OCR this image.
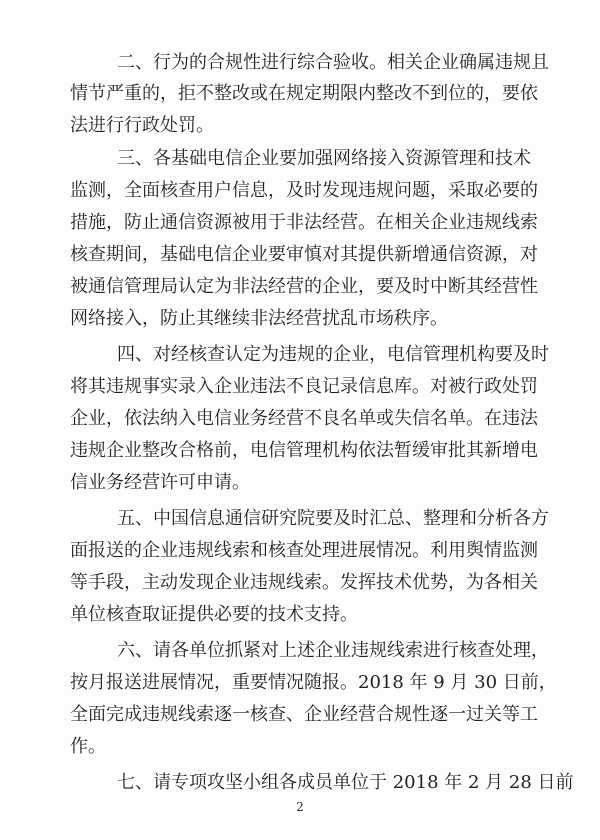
二、行为的合规性进行综合验收。相关企业确属违规且
情节严重的，拒不整改或在规定期限内整改不到位的，要依
法进行行政处罚。
三、各基础电信企业要加强网络接入资源管理和技术
监测，全面核查用户信息，及时发现违规问题，采取必要的
措施，防止通信资源被用于非法经营。在相关企业违规线索
核查期间，基础电信企业要审慎对其提供新增通信资源，对
被通信管理局认定为非法经营的企业，要及时中断其经营性
网络接入，防止其继续非法经营扰乱市场秩序。
四、对经核查认定为违规的企业，电信管理机构要及时
将其违规事实录入企业违法不良记录信息库。对被行政处罚
企业，依法纳入电信业务经营不良名单或失信名单。在违法
违规企业整改合格前，电信管理机构依法暂缓审批其新增电
信业务经营许可申请。
五、中国信息通信研究院要及时汇总、整理和分析各方
面报送的企业违规线索和核查处理进展情况。利用舆情监测
等手段，主动发现企业违规线索。发挥技术优势，为各相关
单位核查取证提供必要的技术支持。
六、请各单位抓紧对上述企业违规线索进行核查处理，
按月报送进展情况，重要情况随报。2018 年 9 月 30 日前，
全面完成违规线索逐一核查、企业经营合规性逐一过关等工
作。
七、请专项攻坚小组各成员单位于 2018 年 2 月 28 日前
2
